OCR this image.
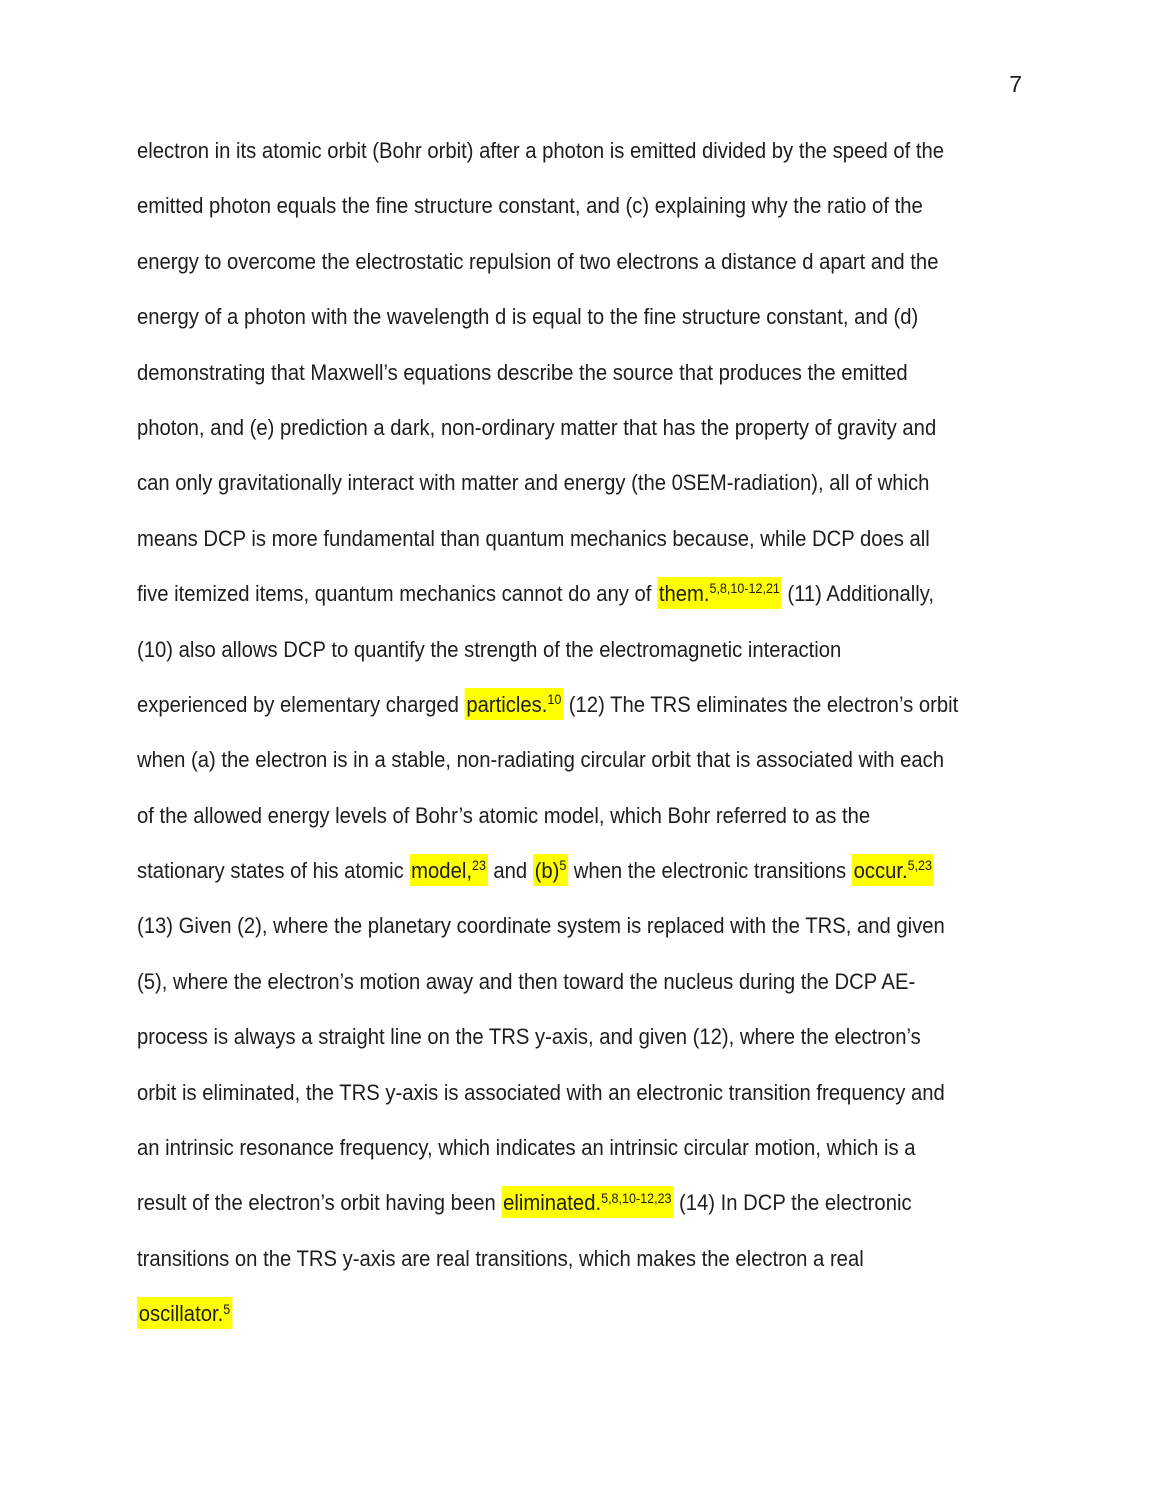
7
electron in its atomic orbit (Bohr orbit) after a photon is emitted divided by the speed of the
emitted photon equals the fine structure constant, and (c) explaining why the ratio of the
energy to overcome the electrostatic repulsion of two electrons a distance d apart and the
energy of a photon with the wavelength d is equal to the fine structure constant, and (d)
demonstrating that Maxwell’s equations describe the source that produces the emitted
photon, and (e) prediction a dark, non-ordinary matter that has the property of gravity and
can only gravitationally interact with matter and energy (the 0SEM-radiation), all of which
means DCP is more fundamental than quantum mechanics because, while DCP does all
five itemized items, quantum mechanics cannot do any of them.$^{5,8,10-12,21}$ (11) Additionally,
(10) also allows DCP to quantify the strength of the electromagnetic interaction
experienced by elementary charged particles.$^{10}$ (12) The TRS eliminates the electron’s orbit
when (a) the electron is in a stable, non-radiating circular orbit that is associated with each
of the allowed energy levels of Bohr’s atomic model, which Bohr referred to as the
stationary states of his atomic model,$^{23}$ and $(b)^5$ when the electronic transitions occur.$^{5,23}$
(13) Given (2), where the planetary coordinate system is replaced with the TRS, and given
(5), where the electron’s motion away and then toward the nucleus during the DCP AE-
process is always a straight line on the TRS y-axis, and given (12), where the electron’s
orbit is eliminated, the TRS y-axis is associated with an electronic transition frequency and
an intrinsic resonance frequency, which indicates an intrinsic circular motion, which is a
result of the electron’s orbit having been eliminated.$^{5,8,10-12,23}$ (14) In DCP the electronic
transitions on the TRS y-axis are real transitions, which makes the electron a real
oscillator.$^5$
